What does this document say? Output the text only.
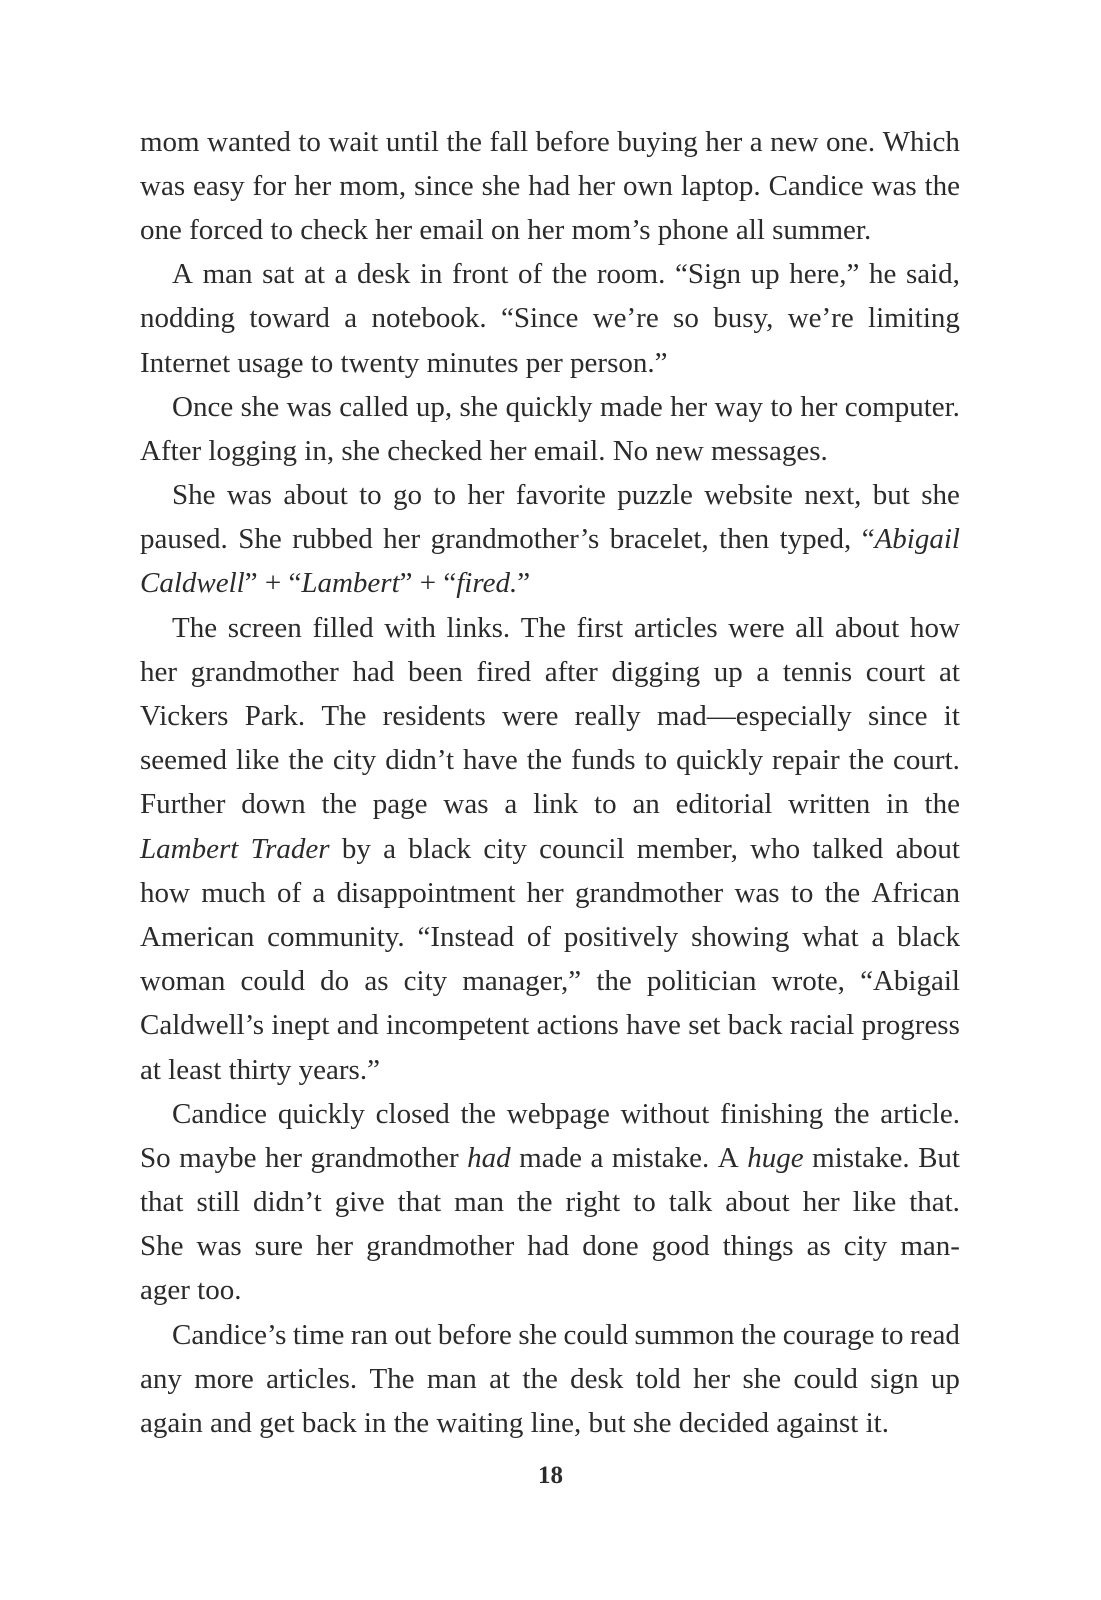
mom wanted to wait until the fall before buying her a new one. Which
was easy for her mom, since she had her own laptop. Candice was the
one forced to check her email on her mom’s phone all summer.
A man sat at a desk in front of the room. “Sign up here,” he said,
nodding toward a notebook. “Since we’re so busy, we’re limiting
Internet usage to twenty minutes per person.”
Once she was called up, she quickly made her way to her computer.
After logging in, she checked her email. No new messages.
She was about to go to her favorite puzzle website next, but she
paused. She rubbed her grandmother’s bracelet, then typed, “Abigail
Caldwell ” + “ Lambert ” + “ fired. ”
The screen filled with links. The first articles were all about how
her grandmother had been fired after digging up a tennis court at
Vickers Park. The residents were really mad—especially since it
seemed like the city didn’t have the funds to quickly repair the court.
Further down the page was a link to an editorial written in the
Lambert Trader by a black city council member, who talked about
how much of a disappointment her grandmother was to the African
American community. “Instead of positively showing what a black
woman could do as city manager,” the politician wrote, “Abigail
Caldwell’s inept and incompetent actions have set back racial progress
at least thirty years.”
Candice quickly closed the webpage without finishing the article.
So maybe her grandmother had made a mistake. A huge mistake. But
that still didn’t give that man the right to talk about her like that.
She was sure her grandmother had done good things as city man-
ager too.
Candice’s time ran out before she could summon the courage to read
any more articles. The man at the desk told her she could sign up
again and get back in the waiting line, but she decided against it.
18
